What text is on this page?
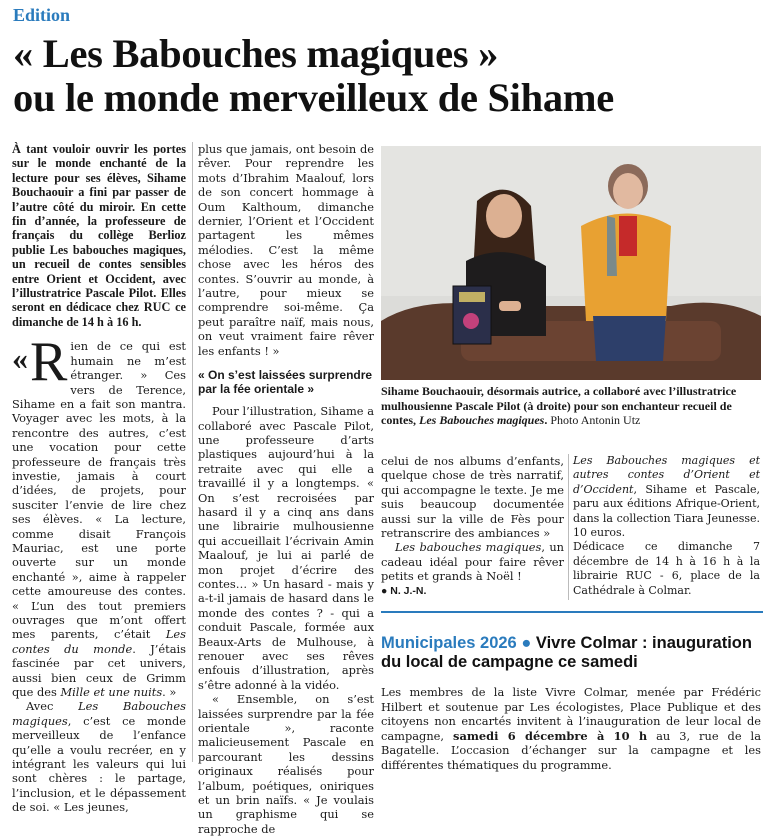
Edition
« Les Babouches magiques »
ou le monde merveilleux de Sihame

À tant vouloir ouvrir les portes sur le monde enchanté de la lecture pour ses élèves, Sihame Bouchaouir a fini par passer de l’autre côté du miroir. En cette fin d’année, la professeure de français du collège Berlioz publie Les babouches magiques, un recueil de contes sensibles entre Orient et Occident, avec l’illustratrice Pascale Pilot. Elles seront en dédicace chez RUC ce dimanche de 14 h à 16 h.

« R ien de ce qui est humain ne m’est étranger. » Ces vers de Terence, Sihame en a fait son mantra. Voyager avec les mots, à la rencontre des autres, c’est une vocation pour cette professeure de français très investie, jamais à court d’idées, de projets, pour susciter l’envie de lire chez ses élèves. « La lecture, comme disait François Mauriac, est une porte ouverte sur un monde enchanté », aime à rappeler cette amoureuse des contes. « L’un des tout premiers ouvrages que m’ont offert mes parents, c’était Les contes du monde. J’étais fascinée par cet univers, aussi bien ceux de Grimm que des Mille et une nuits. »

Avec Les Babouches magiques, c’est ce monde merveilleux de l’enfance qu’elle a voulu recréer, en y intégrant les valeurs qui lui sont chères : le partage, l’inclusion, et le dépassement de soi. « Les jeunes,

plus que jamais, ont besoin de rêver. Pour reprendre les mots d’Ibrahim Maalouf, lors de son concert hommage à Oum Kalthoum, dimanche dernier, l’Orient et l’Occident partagent les mêmes mélodies. C’est la même chose avec les héros des contes. S’ouvrir au monde, à l’autre, pour mieux se comprendre soi-même. Ça peut paraître naïf, mais nous, on veut vraiment faire rêver les enfants ! »

« On s’est laissées surprendre par la fée orientale »

Pour l’illustration, Sihame a collaboré avec Pascale Pilot, une professeure d’arts plastiques aujourd’hui à la retraite avec qui elle a travaillé il y a longtemps. « On s’est recroisées par hasard il y a cinq ans dans une librairie mulhousienne qui accueillait l’écrivain Amin Maalouf, je lui ai parlé de mon projet d’écrire des contes… » Un hasard - mais y a-t-il jamais de hasard dans le monde des contes ? - qui a conduit Pascale, formée aux Beaux-Arts de Mulhouse, à renouer avec ses rêves enfouis d’illustration, après s’être adonné à la vidéo.

« Ensemble, on s’est laissées surprendre par la fée orientale », raconte malicieusement Pascale en parcourant les dessins originaux réalisés pour l’album, poétiques, oniriques et un brin naïfs. « Je voulais un graphisme qui se rapproche de

Sihame Bouchaouir, désormais autrice, a collaboré avec l’illustratrice mulhousienne Pascale Pilot (à droite) pour son enchanteur recueil de contes, Les Babouches magiques. Photo Antonin Utz

celui de nos albums d’enfants, quelque chose de très narratif, qui accompagne le texte. Je me suis beaucoup documentée aussi sur la ville de Fès pour retranscrire des ambiances »

Les babouches magiques, un cadeau idéal pour faire rêver petits et grands à Noël !

● N. J.-N.

Les Babouches magiques et autres contes d’Orient et d’Occident, Sihame et Pascale, paru aux éditions Afrique-Orient, dans la collection Tiara Jeunesse. 10 euros.

Dédicace ce dimanche 7 décembre de 14 h à 16 h à la librairie RUC - 6, place de la Cathédrale à Colmar.

Municipales 2026 ● Vivre Colmar : inauguration du local de campagne ce samedi
Les membres de la liste Vivre Colmar, menée par Frédéric Hilbert et soutenue par Les écologistes, Place Publique et des citoyens non encartés invitent à l’inauguration de leur local de campagne, samedi 6 décembre à 10 h au 3, rue de la Bagatelle. L’occasion d’échanger sur la campagne et les différentes thématiques du programme.
